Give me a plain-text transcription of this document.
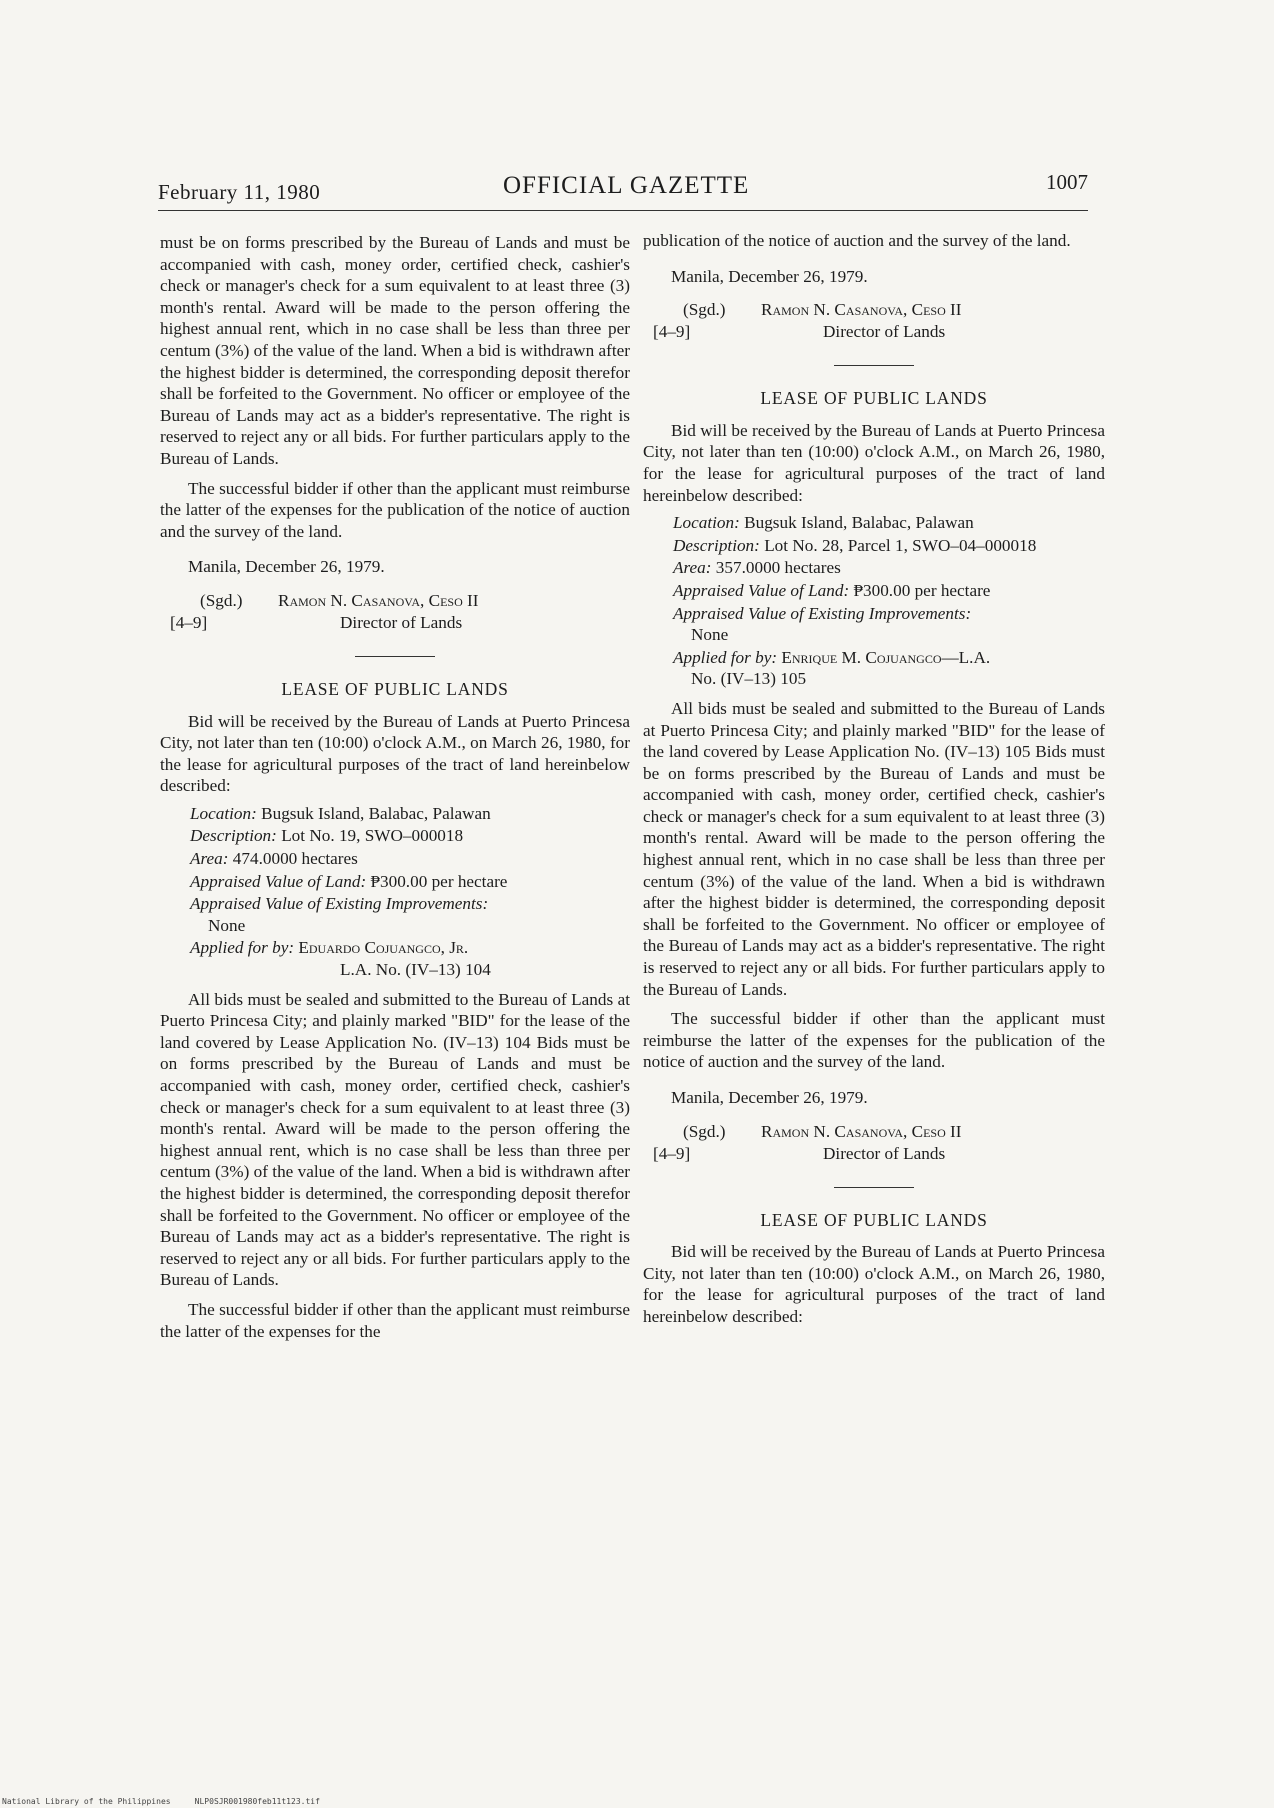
February 11, 1980	OFFICIAL GAZETTE	1007

must be on forms prescribed by the Bureau of Lands and must be accompanied with cash, money order, certified check, cashier's check or manager's check for a sum equivalent to at least three (3) month's rental. Award will be made to the person offering the highest annual rent, which in no case shall be less than three per centum (3%) of the value of the land. When a bid is withdrawn after the highest bidder is determined, the corresponding deposit therefor shall be forfeited to the Government. No officer or employee of the Bureau of Lands may act as a bidder's representative. The right is reserved to reject any or all bids. For further particulars apply to the Bureau of Lands.

The successful bidder if other than the applicant must reimburse the latter of the expenses for the publication of the notice of auction and the survey of the land.

Manila, December 26, 1979.
(Sgd.) Ramon N. Casanova, Ceso II
[4–9]	Director of Lands
LEASE OF PUBLIC LANDS

Bid will be received by the Bureau of Lands at Puerto Princesa City, not later than ten (10:00) o'clock A.M., on March 26, 1980, for the lease for agricultural purposes of the tract of land hereinbelow described:

Location: Bugsuk Island, Balabac, Palawan
Description: Lot No. 19, SWO–000018
Area: 474.0000 hectares
Appraised Value of Land: ₱300.00 per hectare
Appraised Value of Existing Improvements:
None
Applied for by: Eduardo Cojuangco, Jr.
L.A. No. (IV–13) 104

All bids must be sealed and submitted to the Bureau of Lands at Puerto Princesa City; and plainly marked "BID" for the lease of the land covered by Lease Application No. (IV–13) 104 Bids must be on forms prescribed by the Bureau of Lands and must be accompanied with cash, money order, certified check, cashier's check or manager's check for a sum equivalent to at least three (3) month's rental. Award will be made to the person offering the highest annual rent, which is no case shall be less than three per centum (3%) of the value of the land. When a bid is withdrawn after the highest bidder is determined, the corresponding deposit therefor shall be forfeited to the Government. No officer or employee of the Bureau of Lands may act as a bidder's representative. The right is reserved to reject any or all bids. For further particulars apply to the Bureau of Lands.

The successful bidder if other than the applicant must reimburse the latter of the expenses for the

publication of the notice of auction and the survey of the land.

Manila, December 26, 1979.
(Sgd.) Ramon N. Casanova, Ceso II
[4–9]	Director of Lands
LEASE OF PUBLIC LANDS

Bid will be received by the Bureau of Lands at Puerto Princesa City, not later than ten (10:00) o'clock A.M., on March 26, 1980, for the lease for agricultural purposes of the tract of land hereinbelow described:

Location: Bugsuk Island, Balabac, Palawan
Description: Lot No. 28, Parcel 1, SWO–04–000018
Area: 357.0000 hectares
Appraised Value of Land: ₱300.00 per hectare
Appraised Value of Existing Improvements:
None
Applied for by: Enrique M. Cojuangco—L.A.
No. (IV–13) 105

All bids must be sealed and submitted to the Bureau of Lands at Puerto Princesa City; and plainly marked "BID" for the lease of the land covered by Lease Application No. (IV–13) 105 Bids must be on forms prescribed by the Bureau of Lands and must be accompanied with cash, money order, certified check, cashier's check or manager's check for a sum equivalent to at least three (3) month's rental. Award will be made to the person offering the highest annual rent, which in no case shall be less than three per centum (3%) of the value of the land. When a bid is withdrawn after the highest bidder is determined, the corresponding deposit shall be forfeited to the Government. No officer or employee of the Bureau of Lands may act as a bidder's representative. The right is reserved to reject any or all bids. For further particulars apply to the Bureau of Lands.

The successful bidder if other than the applicant must reimburse the latter of the expenses for the publication of the notice of auction and the survey of the land.

Manila, December 26, 1979.
(Sgd.) Ramon N. Casanova, Ceso II
[4–9]	Director of Lands
LEASE OF PUBLIC LANDS

Bid will be received by the Bureau of Lands at Puerto Princesa City, not later than ten (10:00) o'clock A.M., on March 26, 1980, for the lease for agricultural purposes of the tract of land hereinbelow described:

National Library of the Philippines	NLP0SJR001980feb11t123.tif
